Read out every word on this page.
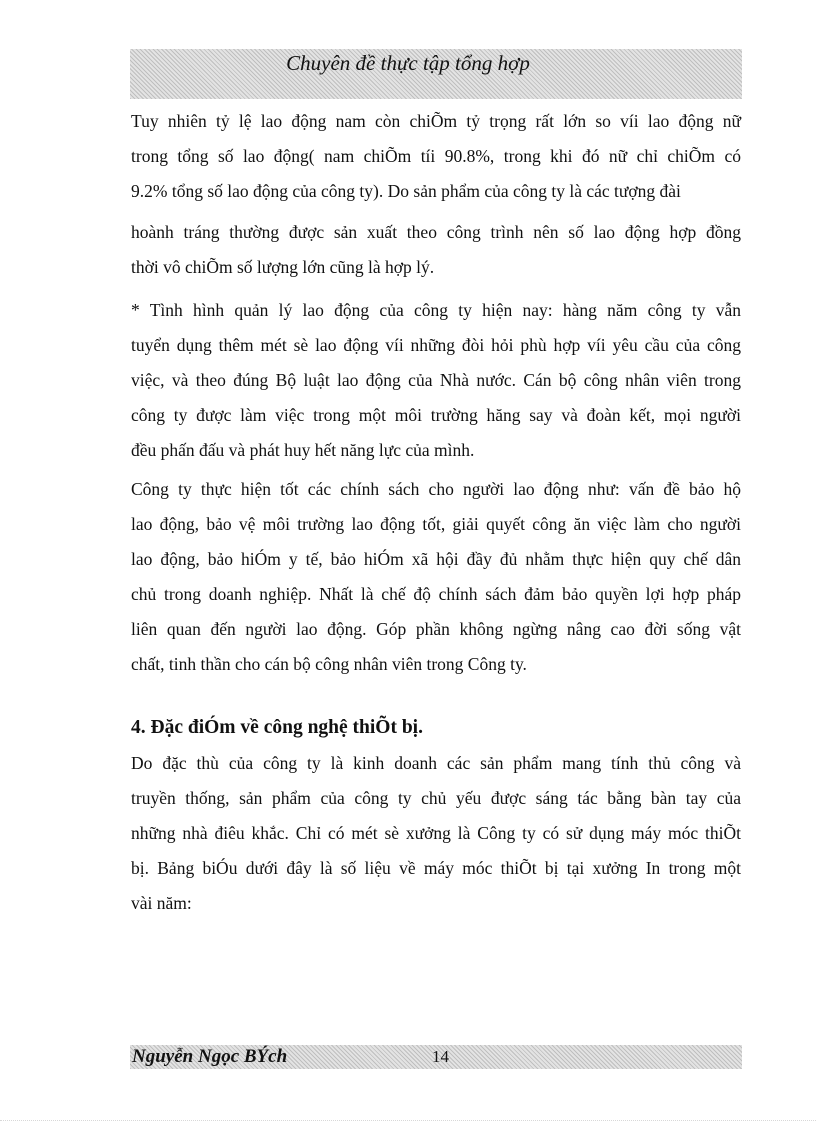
Chuyên đề thực tập tổng hợp
Tuy nhiên tỷ lệ lao động nam còn chiÕm tỷ trọng rất lớn so víi lao động nữ
trong tổng số lao động( nam chiÕm tíi 90.8%, trong khi đó nữ chỉ chiÕm có
9.2% tổng số lao động của công ty). Do sản phẩm của công ty là các tượng đài
hoành tráng thường được sản xuất theo công trình nên số lao động hợp đồng
thời vô chiÕm số lượng lớn cũng là hợp lý.
* Tình hình quản lý lao động của công ty hiện nay: hàng năm công ty vẫn
tuyển dụng thêm mét sè lao động víi những đòi hỏi phù hợp víi yêu cầu của công
việc, và theo đúng Bộ luật lao động của Nhà nước. Cán bộ công nhân viên trong
công ty được làm việc trong một môi trường hăng say và đoàn kết, mọi người
đều phấn đấu và phát huy hết năng lực của mình.
Công ty thực hiện tốt các chính sách cho người lao động như: vấn đề bảo hộ
lao động, bảo vệ môi trường lao động tốt, giải quyết công ăn việc làm cho người
lao động, bảo hiÓm y tế, bảo hiÓm xã hội đầy đủ nhằm thực hiện quy chế dân
chủ trong doanh nghiệp. Nhất là chế độ chính sách đảm bảo quyền lợi hợp pháp
liên quan đến người lao động. Góp phần không ngừng nâng cao đời sống vật
chất, tinh thần cho cán bộ công nhân viên trong Công ty.
4. Đặc điÓm về công nghệ thiÕt bị.
Do đặc thù của công ty là kinh doanh các sản phẩm mang tính thủ công và
truyền thống, sản phẩm của công ty chủ yếu được sáng tác bằng bàn tay của
những nhà điêu khắc. Chỉ có mét sè xưởng là Công ty có sử dụng máy móc thiÕt
bị. Bảng biÓu dưới đây là số liệu về máy móc thiÕt bị tại xưởng In trong một
vài năm:
Nguyễn Ngọc BÝch	14
